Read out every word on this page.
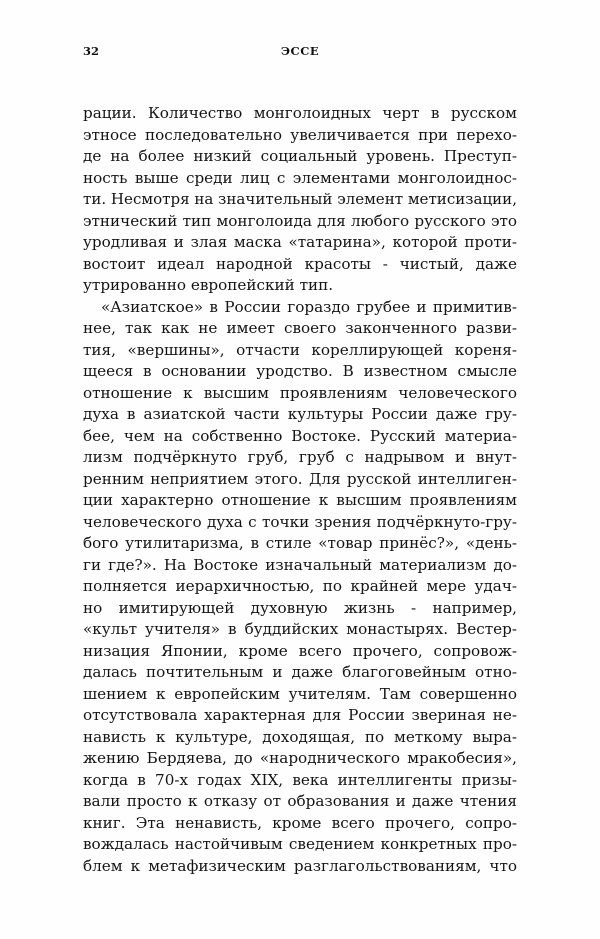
32	ЭССЕ
рации. Количество монголоидных черт в русском
этносе последовательно увеличивается при перехо-
де на более низкий социальный уровень. Преступ-
ность выше среди лиц с элементами монголоиднос-
ти. Несмотря на значительный элемент метисизации,
этнический тип монголоида для любого русского это
уродливая и злая маска «татарина», которой проти-
востоит идеал народной красоты - чистый, даже
утрированно европейский тип.
«Азиатское» в России гораздо грубее и примитив-
нее, так как не имеет своего законченного разви-
тия, «вершины», отчасти кореллирующей кореня-
щееся в основании уродство. В известном смысле
отношение к высшим проявлениям человеческого
духа в азиатской части культуры России даже гру-
бее, чем на собственно Востоке. Русский материа-
лизм подчёркнуто груб, груб с надрывом и внут-
ренним неприятием этого. Для русской интеллиген-
ции характерно отношение к высшим проявлениям
человеческого духа с точки зрения подчёркнуто-гру-
бого утилитаризма, в стиле «товар принёс?», «день-
ги где?». На Востоке изначальный материализм до-
полняется иерархичностью, по крайней мере удач-
но имитирующей духовную жизнь - например,
«культ учителя» в буддийских монастырях. Вестер-
низация Японии, кроме всего прочего, сопровож-
далась почтительным и даже благоговейным отно-
шением к европейским учителям. Там совершенно
отсутствовала характерная для России звериная не-
нависть к культуре, доходящая, по меткому выра-
жению Бердяева, до «народнического мракобесия»,
когда в 70-х годах XIX, века интеллигенты призы-
вали просто к отказу от образования и даже чтения
книг. Эта ненависть, кроме всего прочего, сопро-
вождалась настойчивым сведением конкретных про-
блем к метафизическим разглагольствованиям, что
